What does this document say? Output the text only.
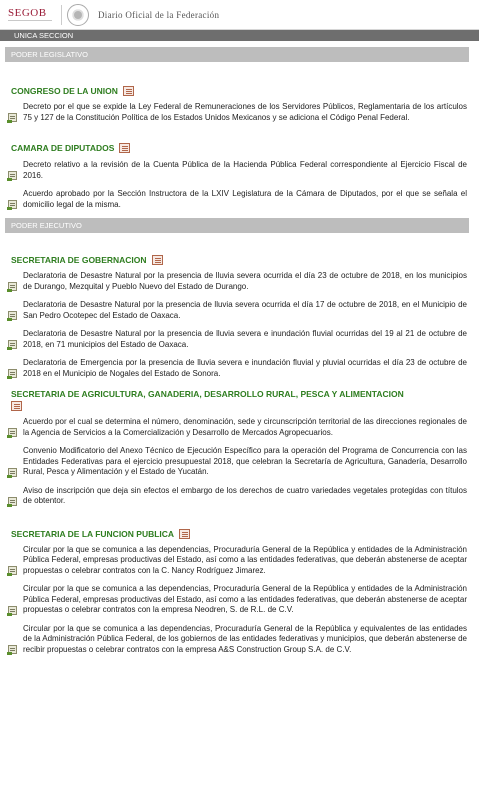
SEGOB	Diario Oficial de la Federación
UNICA SECCION
PODER LEGISLATIVO
CONGRESO DE LA UNION
Decreto por el que se expide la Ley Federal de Remuneraciones de los Servidores Públicos, Reglamentaria de los artículos 75 y 127 de la Constitución Política de los Estados Unidos Mexicanos y se adiciona el Código Penal Federal.
CAMARA DE DIPUTADOS
Decreto relativo a la revisión de la Cuenta Pública de la Hacienda Pública Federal correspondiente al Ejercicio Fiscal de 2016.
Acuerdo aprobado por la Sección Instructora de la LXIV Legislatura de la Cámara de Diputados, por el que se señala el domicilio legal de la misma.
PODER EJECUTIVO
SECRETARIA DE GOBERNACION
Declaratoria de Desastre Natural por la presencia de lluvia severa ocurrida el día 23 de octubre de 2018, en los municipios de Durango, Mezquital y Pueblo Nuevo del Estado de Durango.
Declaratoria de Desastre Natural por la presencia de lluvia severa ocurrida el día 17 de octubre de 2018, en el Municipio de San Pedro Ocotepec del Estado de Oaxaca.
Declaratoria de Desastre Natural por la presencia de lluvia severa e inundación fluvial ocurridas del 19 al 21 de octubre de 2018, en 71 municipios del Estado de Oaxaca.
Declaratoria de Emergencia por la presencia de lluvia severa e inundación fluvial y pluvial ocurridas el día 23 de octubre de 2018 en el Municipio de Nogales del Estado de Sonora.
SECRETARIA DE AGRICULTURA, GANADERIA, DESARROLLO RURAL, PESCA Y ALIMENTACION

Acuerdo por el cual se determina el número, denominación, sede y circunscripción territorial de las direcciones regionales de la Agencia de Servicios a la Comercialización y Desarrollo de Mercados Agropecuarios.
Convenio Modificatorio del Anexo Técnico de Ejecución Específico para la operación del Programa de Concurrencia con las Entidades Federativas para el ejercicio presupuestal 2018, que celebran la Secretaría de Agricultura, Ganadería, Desarrollo Rural, Pesca y Alimentación y el Estado de Yucatán.
Aviso de inscripción que deja sin efectos el embargo de los derechos de cuatro variedades vegetales protegidas con títulos de obtentor.
SECRETARIA DE LA FUNCION PUBLICA
Circular por la que se comunica a las dependencias, Procuraduría General de la República y entidades de la Administración Pública Federal, empresas productivas del Estado, así como a las entidades federativas, que deberán abstenerse de aceptar propuestas o celebrar contratos con la C. Nancy Rodríguez Jimarez.
Circular por la que se comunica a las dependencias, Procuraduría General de la República y entidades de la Administración Pública Federal, empresas productivas del Estado, así como a las entidades federativas, que deberán abstenerse de aceptar propuestas o celebrar contratos con la empresa Neodren, S. de R.L. de C.V.
Circular por la que se comunica a las dependencias, Procuraduría General de la República y equivalentes de las entidades de la Administración Pública Federal, de los gobiernos de las entidades federativas y municipios, que deberán abstenerse de recibir propuestas o celebrar contratos con la empresa A&S Construction Group S.A. de C.V.
